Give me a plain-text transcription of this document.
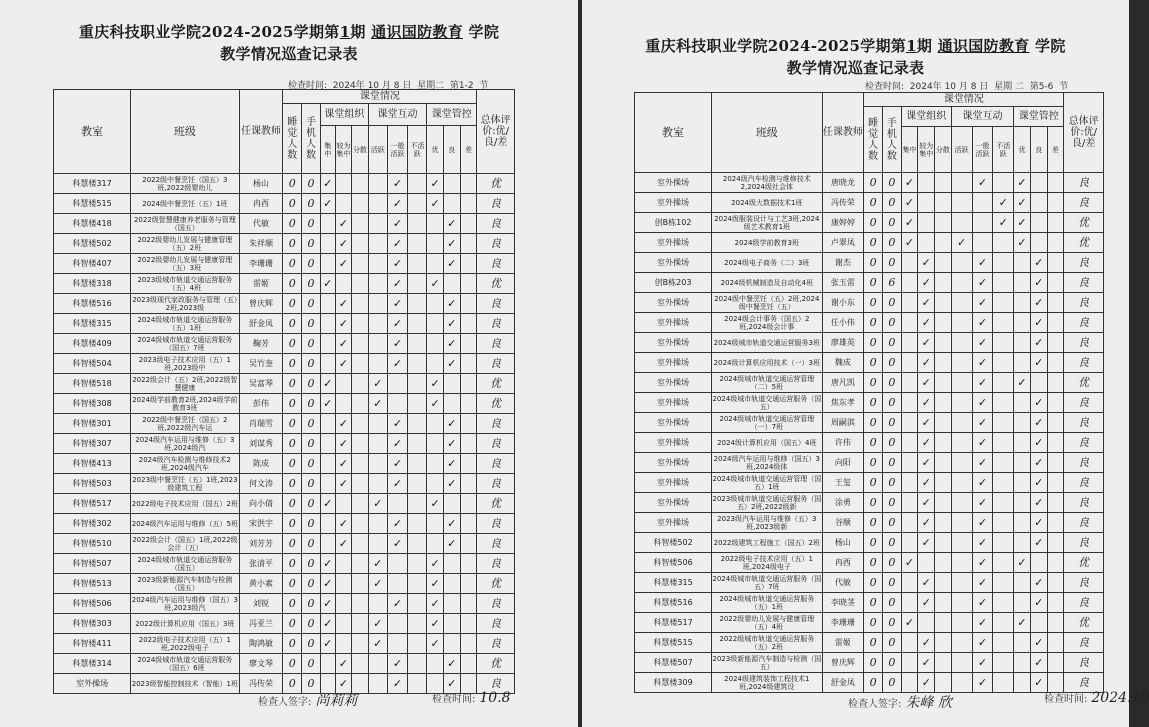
重庆科技职业学院2024-2025学期第1期 通识国防教育 学院
教学情况巡查记录表
检查时间: 2024年 10 月 8 日 星期二 第1-2 节
教室	班级	任课教师	课堂情况											总体评价:优/良/差
			睡觉人数	手机人数	课堂组织			课堂互动			课堂管控			
					集中	较为集中	分散	活跃	一般活跃	不活跃	优	良	差	
科慧楼317	2022级中餐烹饪（国五）3班,2022级婴幼儿	杨山	0	0	✓				✓		✓			优
科慧楼515	2024级中餐烹饪（五）1班	冉西	0	0	✓				✓		✓			良
科慧楼418	2022级智慧健康养老服务与管理（国五）	代敏	0	0		✓			✓			✓		良
科慧楼502	2022级婴幼儿发展与健康管理（五）2班	朱祥顺	0	0		✓			✓			✓		良
科智楼407	2022级婴幼儿发展与健康管理（五）3班	李珊珊	0	0		✓			✓			✓		良
科慧楼318	2023级城市轨道交通运营服务（五）4班	雷姬	0	0	✓				✓		✓			优
科慧楼516	2023级现代家政服务与管理（五）2班,2023级	曾庆辉	0	0		✓			✓			✓		良
科慧楼315	2024级城市轨道交通运营服务（五）1班	舒金凤	0	0		✓			✓			✓		良
科慧楼409	2024级城市轨道交通运营服务（国五）7班	鞠芳	0	0		✓			✓			✓		良
科智楼504	2023级电子技术应用（五）1班,2023级中	吴竹奎	0	0		✓			✓			✓		良
科智楼518	2022级会计（五）2班,2022级智慧健康	吴富琴	0	0	✓			✓			✓			优
科智楼308	2024级学前教育2班,2024级学前教育3班	彭伟	0	0	✓			✓			✓			优
科智楼301	2022级中餐烹饪（国五）2班,2022级汽车运	肖瑞雪	0	0		✓			✓			✓		良
科智楼307	2024级汽车运用与维修（五）3班,2024级汽	刘谋秀	0	0		✓			✓			✓		良
科智楼413	2024级汽车检测与维修技术2班,2024级汽车	陈成	0	0		✓			✓			✓		良
科智楼503	2023级中餐烹饪（五）1班,2023级建筑工程	何文涛	0	0		✓			✓			✓		良
科智楼517	2022级电子技术应用（国五）2班	向小倩	0	0	✓			✓			✓			优
科智楼302	2024级汽车运用与维修（五）5班	宋洪宇	0	0		✓			✓			✓		良
科智楼510	2022级会计（国五）1班,2022级会计（五）	刘芳芳	0	0		✓			✓			✓		良
科智楼507	2024级城市轨道交通运营服务（国五）	张清平	0	0	✓			✓			✓			良
科智楼513	2023级新能源汽车制造与检测（国五）	黄小素	0	0	✓			✓			✓			优
科智楼506	2024级汽车运用与维修（国五）3班,2023级汽	刘锐	0	0	✓				✓		✓			良
科智楼303	2022级计算机应用（国五）3班	冯亚兰	0	0	✓			✓			✓			良
科智楼411	2022级电子技术应用（五）1班,2022级电子	陶鸿敏	0	0	✓			✓			✓			良
科慧楼314	2024级城市轨道交通运营服务（国五）6班	廖文琴	0	0		✓			✓			✓		优
室外操场	2023级智能控制技术（智能）1班	冯传荣	0	0		✓			✓			✓		良
检查人签字: 尚莉莉	检查时间: 10.8
重庆科技职业学院2024-2025学期第1期 通识国防教育 学院
教学情况巡查记录表
检查时间: 2024年 10 月 8 日 星期 二 第5-6 节
教室	班级	任课教师	课堂情况											总体评价:优/良/差
			睡觉人数	手机人数	课堂组织			课堂互动			课堂管控			
					集中	较为集中	分散	活跃	一般活跃	不活跃	优	良	差	
室外操场	2024级汽车检测与维修技术2,2024级社会体	唐晓龙	0	0	✓				✓		✓			良
室外操场	2024级大数据技术1班	冯传荣	0	0	✓					✓	✓			良
创B栋102	2024级服装设计与工艺3班,2024级艺术教育1班	康婷婷	0	0	✓					✓	✓			优
室外操场	2024级学前教育3班	卢翠凤	0	0	✓			✓			✓			优
室外操场	2024级电子商务（二）3班	谢杰	0	0		✓			✓			✓		良
创B栋203	2024级机械制造及自动化4班	张玉雷	0	6		✓			✓			✓		良
室外操场	2024级中餐烹饪（五）2班,2024级中餐烹饪（五）	谢小东	0	0		✓			✓			✓		良
室外操场	2024级会计事务（国五）2班,2024级会计事	任小伟	0	0		✓			✓			✓		良
室外操场	2024级城市轨道交通运营服务3班	廖雄英	0	0		✓			✓			✓		良
室外操场	2024级计算机应用技术（一）3班	魏成	0	0		✓			✓			✓		良
室外操场	2024级城市轨道交通运营管理（二）5班	唐凡凯	0	0		✓			✓		✓			优
室外操场	2024级城市轨道交通运营服务（国五）	焦东孝	0	0		✓			✓			✓		良
室外操场	2024级城市轨道交通运营管理（一）7班	周嗣淇	0	0		✓			✓			✓		良
室外操场	2024级计算机应用（国五）4班	许伟	0	0		✓			✓			✓		良
室外操场	2024级汽车运用与维修（国五）3班,2024级体	向阳	0	0		✓			✓			✓		良
室外操场	2024级城市轨道交通运营管理（国五）1班	王玺	0	0		✓			✓			✓		良
室外操场	2023级城市轨道交通运营服务（国五）2班,2022级新	涂勇	0	0		✓			✓			✓		良
室外操场	2023级汽车运用与维修（五）3班,2023级新	谷顺	0	0		✓			✓			✓		良
科智楼502	2022级建筑工程施工（国五）2班	杨山	0	0		✓			✓			✓		良
科智楼506	2022级电子技术应用（五）1班,2024级电子	冉西	0	0	✓				✓		✓			优
科慧楼315	2024级城市轨道交通运营服务（国五）7班	代敏	0	0		✓			✓			✓		良
科慧楼516	2024级城市轨道交通运营服务（五）1班	李晓茎	0	0		✓			✓			✓		良
科慧楼517	2022级婴幼儿发展与健康管理（五）4班	李珊珊	0	0	✓				✓		✓			优
科慧楼515	2022级城市轨道交通运营服务（五）2班	雷姬	0	0		✓			✓			✓		良
科慧楼507	2023级新能源汽车制造与检测（国五）	曾庆辉	0	0		✓			✓			✓		良
科慧楼309	2024级建筑装饰工程技术1班,2024级建筑设	舒金凤	0	0		✓			✓			✓		良
检查人签字: 朱峰 欣	检查时间: 2024.10
